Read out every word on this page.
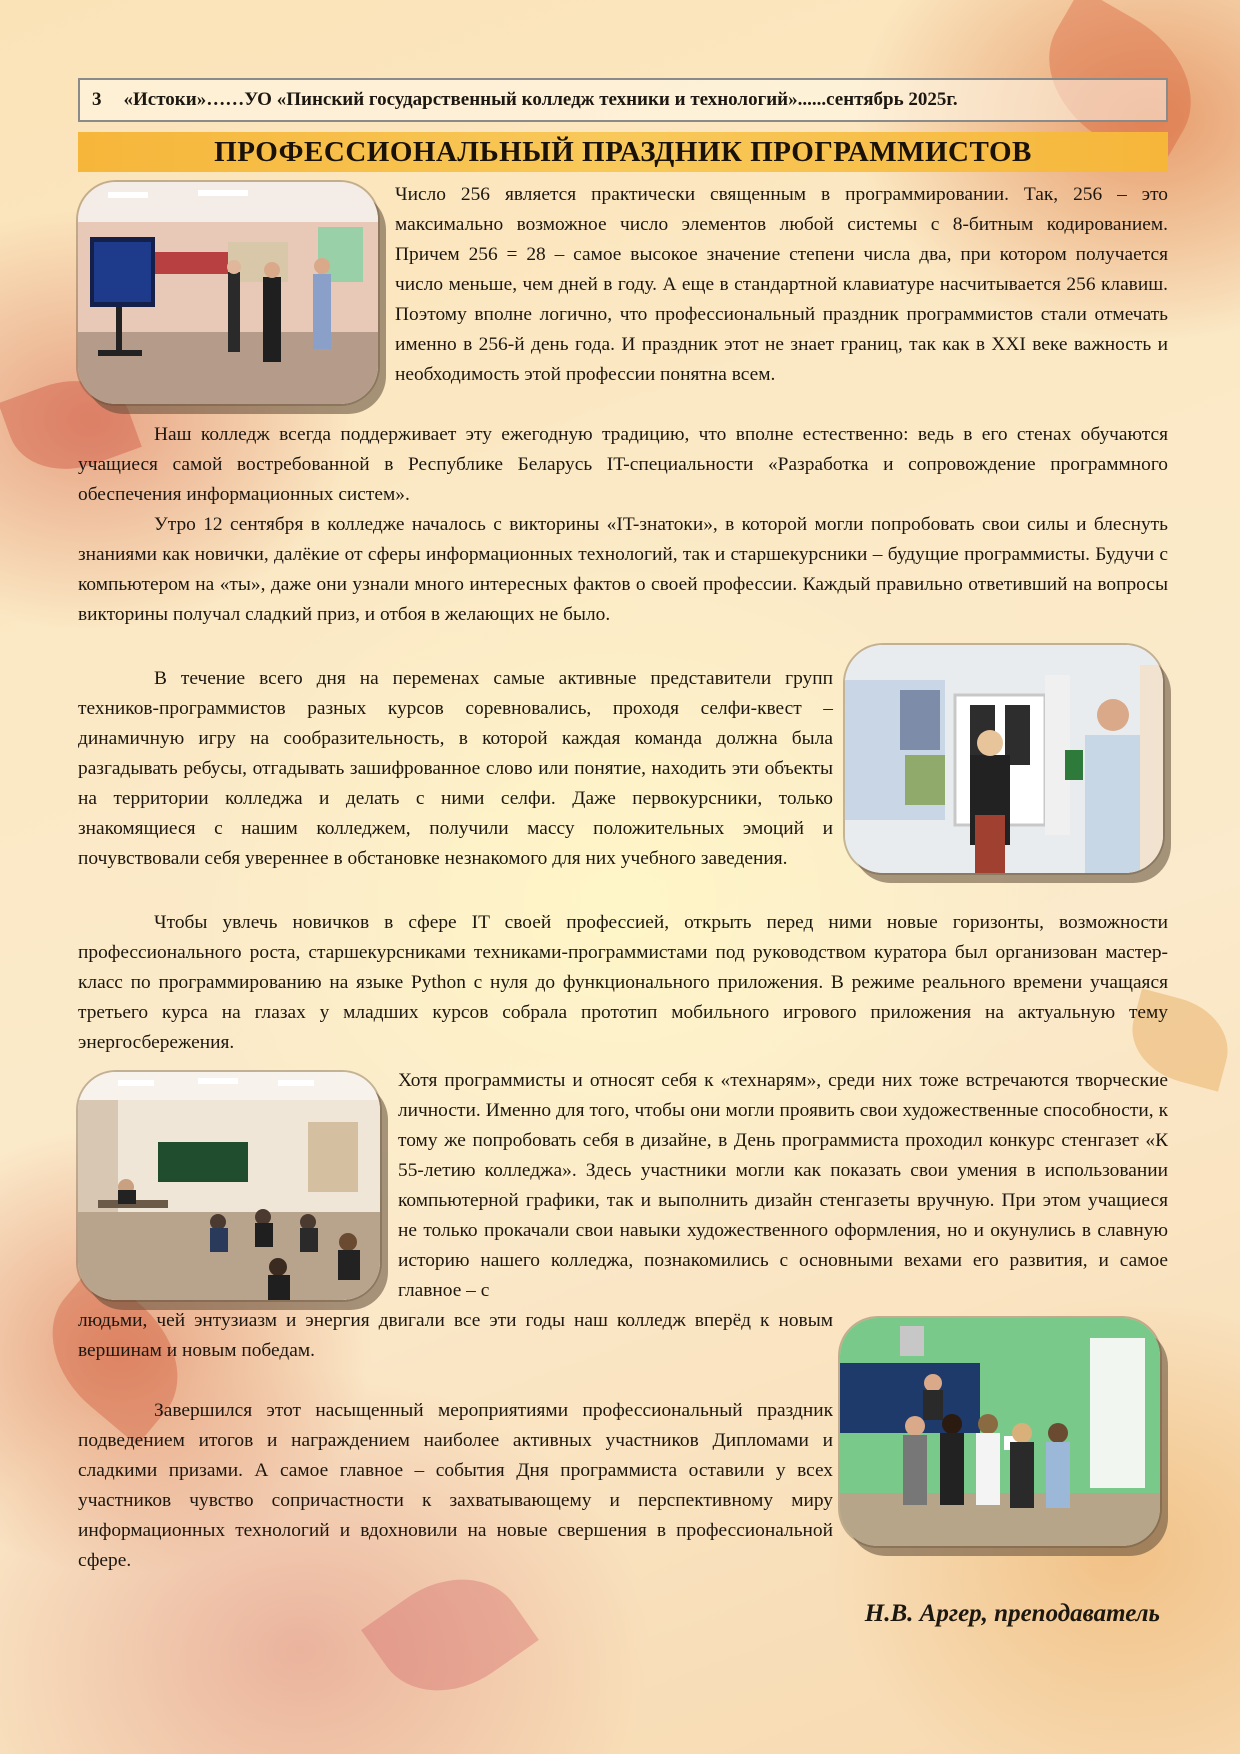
3 «Истоки»……УО «Пинский государственный колледж техники и технологий»......сентябрь 2025г.
ПРОФЕССИОНАЛЬНЫЙ ПРАЗДНИК ПРОГРАММИСТОВ

Число 256 является практически священным в программировании. Так, 256 – это максимально возможное число элементов любой системы с 8-битным кодированием. Причем 256 = 28 – самое высокое значение степени числа два, при котором получается число меньше, чем дней в году. А еще в стандартной клавиатуре насчитывается 256 клавиш. Поэтому вполне логично, что профессиональный праздник программистов стали отмечать именно в 256-й день года. И праздник этот не знает границ, так как в XXI веке важность и необходимость этой профессии понятна всем.

Наш колледж всегда поддерживает эту ежегодную традицию, что вполне естественно: ведь в его стенах обучаются учащиеся самой востребованной в Республике Беларусь IT-специальности «Разработка и сопровождение программного обеспечения информационных систем».

Утро 12 сентября в колледже началось с викторины «IT-знатоки», в которой могли попробовать свои силы и блеснуть знаниями как новички, далёкие от сферы информационных технологий, так и старшекурсники – будущие программисты. Будучи с компьютером на «ты», даже они узнали много интересных фактов о своей профессии. Каждый правильно ответивший на вопросы викторины получал сладкий приз, и отбоя в желающих не было.

В течение всего дня на переменах самые активные представители групп техников-программистов разных курсов соревновались, проходя селфи-квест – динамичную игру на сообразительность, в которой каждая команда должна была разгадывать ребусы, отгадывать зашифрованное слово или понятие, находить эти объекты на территории колледжа и делать с ними селфи. Даже первокурсники, только знакомящиеся с нашим колледжем, получили массу положительных эмоций и почувствовали себя увереннее в обстановке незнакомого для них учебного заведения.

Чтобы увлечь новичков в сфере IT своей профессией, открыть перед ними новые горизонты, возможности профессионального роста, старшекурсниками техниками-программистами под руководством куратора был организован мастер-класс по программированию на языке Python с нуля до функционального приложения. В режиме реального времени учащаяся третьего курса на глазах у младших курсов собрала прототип мобильного игрового приложения на актуальную тему энергосбережения.

Хотя программисты и относят себя к «технарям», среди них тоже встречаются творческие личности. Именно для того, чтобы они могли проявить свои художественные способности, к тому же попробовать себя в дизайне, в День программиста проходил конкурс стенгазет «К 55-летию колледжа». Здесь участники могли как показать свои умения в использовании компьютерной графики, так и выполнить дизайн стенгазеты вручную. При этом учащиеся не только прокачали свои навыки художественного оформления, но и окунулись в славную историю нашего колледжа, познакомились с основными вехами его развития, и самое главное – с

людьми, чей энтузиазм и энергия двигали все эти годы наш колледж вперёд к новым вершинам и новым победам.

Завершился этот насыщенный мероприятиями профессиональный праздник подведением итогов и награждением наиболее активных участников Дипломами и сладкими призами. А самое главное – события Дня программиста оставили у всех участников чувство сопричастности к захватывающему и перспективному миру информационных технологий и вдохновили на новые свершения в профессиональной сфере.

Н.В. Аргер, преподаватель
